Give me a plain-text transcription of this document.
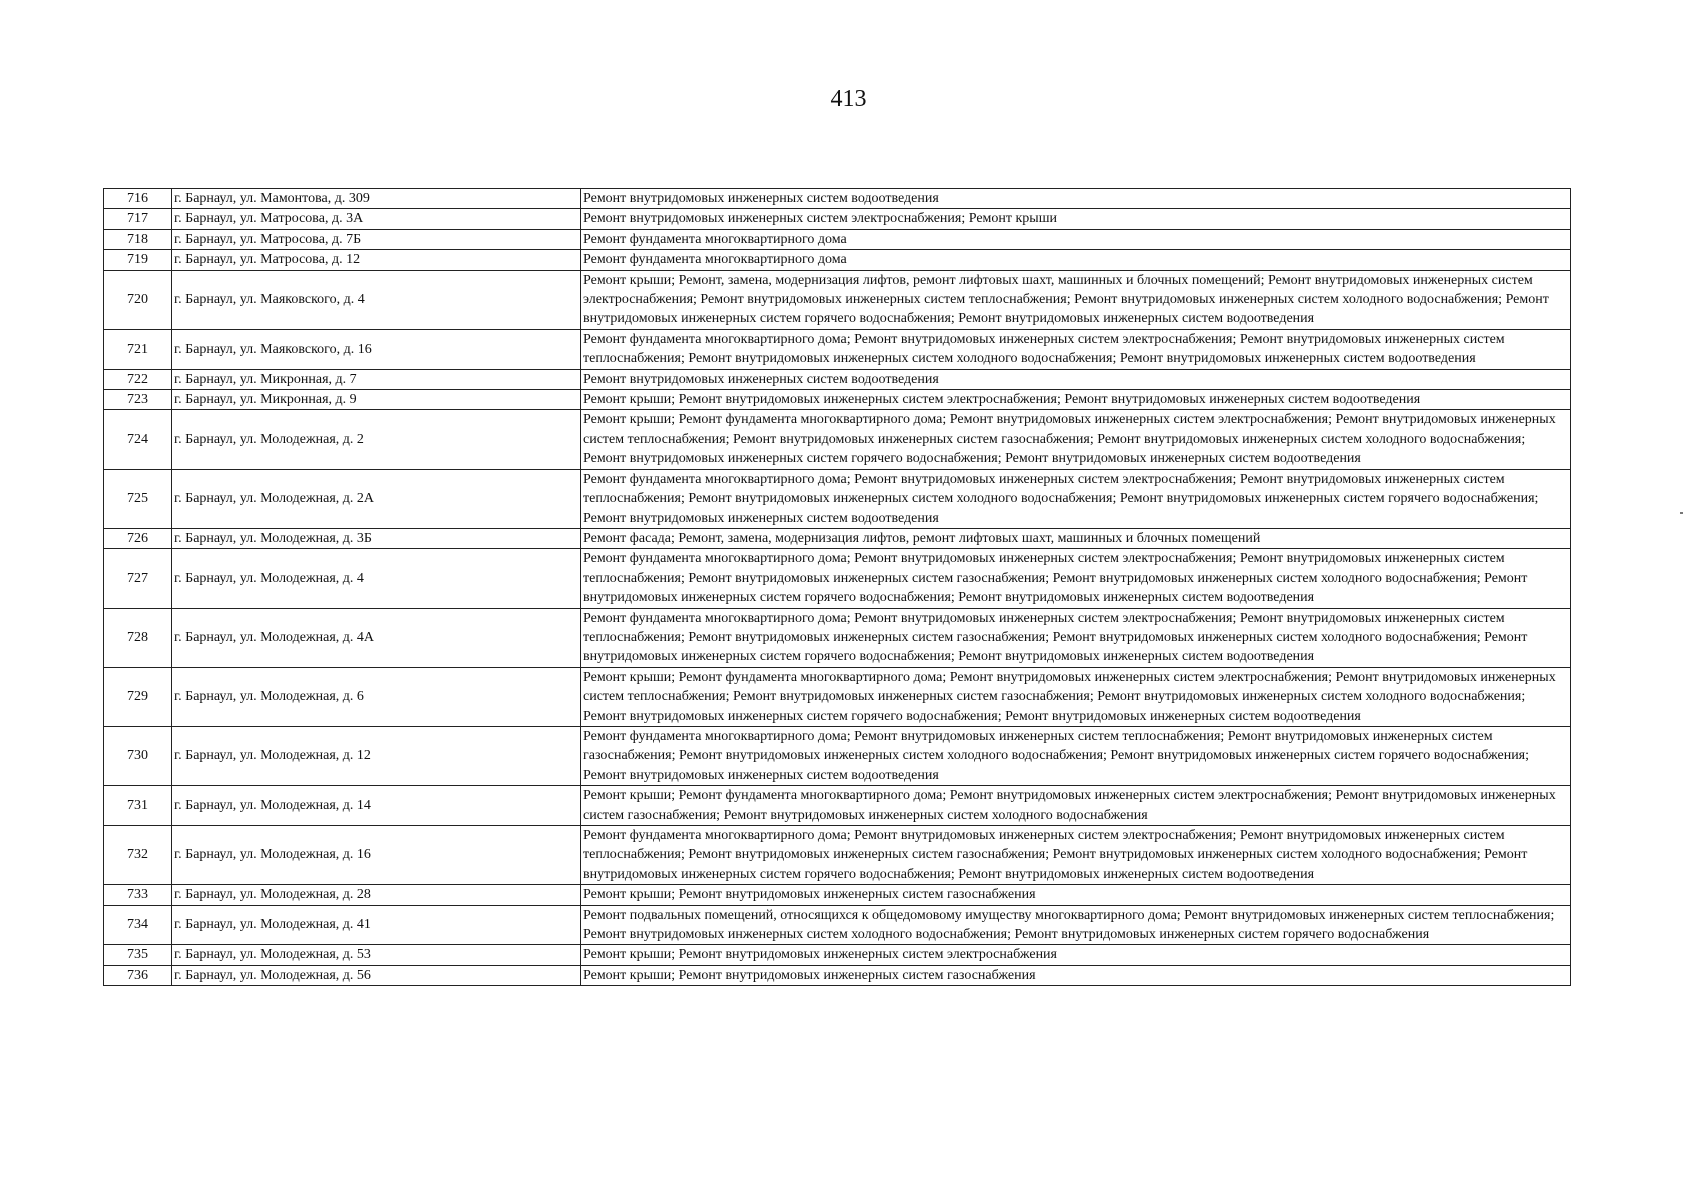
413
716	г. Барнаул, ул. Мамонтова, д. 309	Ремонт внутридомовых инженерных систем водоотведения
717	г. Барнаул, ул. Матросова, д. 3А	Ремонт внутридомовых инженерных систем электроснабжения; Ремонт крыши
718	г. Барнаул, ул. Матросова, д. 7Б	Ремонт фундамента многоквартирного дома
719	г. Барнаул, ул. Матросова, д. 12	Ремонт фундамента многоквартирного дома
720	г. Барнаул, ул. Маяковского, д. 4	Ремонт крыши; Ремонт, замена, модернизация лифтов, ремонт лифтовых шахт, машинных и блочных помещений; Ремонт внутридомовых инженерных систем электроснабжения; Ремонт внутридомовых инженерных систем теплоснабжения; Ремонт внутридомовых инженерных систем холодного водоснабжения; Ремонт внутридомовых инженерных систем горячего водоснабжения; Ремонт внутридомовых инженерных систем водоотведения
721	г. Барнаул, ул. Маяковского, д. 16	Ремонт фундамента многоквартирного дома; Ремонт внутридомовых инженерных систем электроснабжения; Ремонт внутридомовых инженерных систем теплоснабжения; Ремонт внутридомовых инженерных систем холодного водоснабжения; Ремонт внутридомовых инженерных систем водоотведения
722	г. Барнаул, ул. Микронная, д. 7	Ремонт внутридомовых инженерных систем водоотведения
723	г. Барнаул, ул. Микронная, д. 9	Ремонт крыши; Ремонт внутридомовых инженерных систем электроснабжения; Ремонт внутридомовых инженерных систем водоотведения
724	г. Барнаул, ул. Молодежная, д. 2	Ремонт крыши; Ремонт фундамента многоквартирного дома; Ремонт внутридомовых инженерных систем электроснабжения; Ремонт внутридомовых инженерных систем теплоснабжения; Ремонт внутридомовых инженерных систем газоснабжения; Ремонт внутридомовых инженерных систем холодного водоснабжения; Ремонт внутридомовых инженерных систем горячего водоснабжения; Ремонт внутридомовых инженерных систем водоотведения
725	г. Барнаул, ул. Молодежная, д. 2А	Ремонт фундамента многоквартирного дома; Ремонт внутридомовых инженерных систем электроснабжения; Ремонт внутридомовых инженерных систем теплоснабжения; Ремонт внутридомовых инженерных систем холодного водоснабжения; Ремонт внутридомовых инженерных систем горячего водоснабжения; Ремонт внутридомовых инженерных систем водоотведения
726	г. Барнаул, ул. Молодежная, д. 3Б	Ремонт фасада; Ремонт, замена, модернизация лифтов, ремонт лифтовых шахт, машинных и блочных помещений
727	г. Барнаул, ул. Молодежная, д. 4	Ремонт фундамента многоквартирного дома; Ремонт внутридомовых инженерных систем электроснабжения; Ремонт внутридомовых инженерных систем теплоснабжения; Ремонт внутридомовых инженерных систем газоснабжения; Ремонт внутридомовых инженерных систем холодного водоснабжения; Ремонт внутридомовых инженерных систем горячего водоснабжения; Ремонт внутридомовых инженерных систем водоотведения
728	г. Барнаул, ул. Молодежная, д. 4А	Ремонт фундамента многоквартирного дома; Ремонт внутридомовых инженерных систем электроснабжения; Ремонт внутридомовых инженерных систем теплоснабжения; Ремонт внутридомовых инженерных систем газоснабжения; Ремонт внутридомовых инженерных систем холодного водоснабжения; Ремонт внутридомовых инженерных систем горячего водоснабжения; Ремонт внутридомовых инженерных систем водоотведения
729	г. Барнаул, ул. Молодежная, д. 6	Ремонт крыши; Ремонт фундамента многоквартирного дома; Ремонт внутридомовых инженерных систем электроснабжения; Ремонт внутридомовых инженерных систем теплоснабжения; Ремонт внутридомовых инженерных систем газоснабжения; Ремонт внутридомовых инженерных систем холодного водоснабжения; Ремонт внутридомовых инженерных систем горячего водоснабжения; Ремонт внутридомовых инженерных систем водоотведения
730	г. Барнаул, ул. Молодежная, д. 12	Ремонт фундамента многоквартирного дома; Ремонт внутридомовых инженерных систем теплоснабжения; Ремонт внутридомовых инженерных систем газоснабжения; Ремонт внутридомовых инженерных систем холодного водоснабжения; Ремонт внутридомовых инженерных систем горячего водоснабжения; Ремонт внутридомовых инженерных систем водоотведения
731	г. Барнаул, ул. Молодежная, д. 14	Ремонт крыши; Ремонт фундамента многоквартирного дома; Ремонт внутридомовых инженерных систем электроснабжения; Ремонт внутридомовых инженерных систем газоснабжения; Ремонт внутридомовых инженерных систем холодного водоснабжения
732	г. Барнаул, ул. Молодежная, д. 16	Ремонт фундамента многоквартирного дома; Ремонт внутридомовых инженерных систем электроснабжения; Ремонт внутридомовых инженерных систем теплоснабжения; Ремонт внутридомовых инженерных систем газоснабжения; Ремонт внутридомовых инженерных систем холодного водоснабжения; Ремонт внутридомовых инженерных систем горячего водоснабжения; Ремонт внутридомовых инженерных систем водоотведения
733	г. Барнаул, ул. Молодежная, д. 28	Ремонт крыши; Ремонт внутридомовых инженерных систем газоснабжения
734	г. Барнаул, ул. Молодежная, д. 41	Ремонт подвальных помещений, относящихся к общедомовому имуществу многоквартирного дома; Ремонт внутридомовых инженерных систем теплоснабжения; Ремонт внутридомовых инженерных систем холодного водоснабжения; Ремонт внутридомовых инженерных систем горячего водоснабжения
735	г. Барнаул, ул. Молодежная, д. 53	Ремонт крыши; Ремонт внутридомовых инженерных систем электроснабжения
736	г. Барнаул, ул. Молодежная, д. 56	Ремонт крыши; Ремонт внутридомовых инженерных систем газоснабжения
